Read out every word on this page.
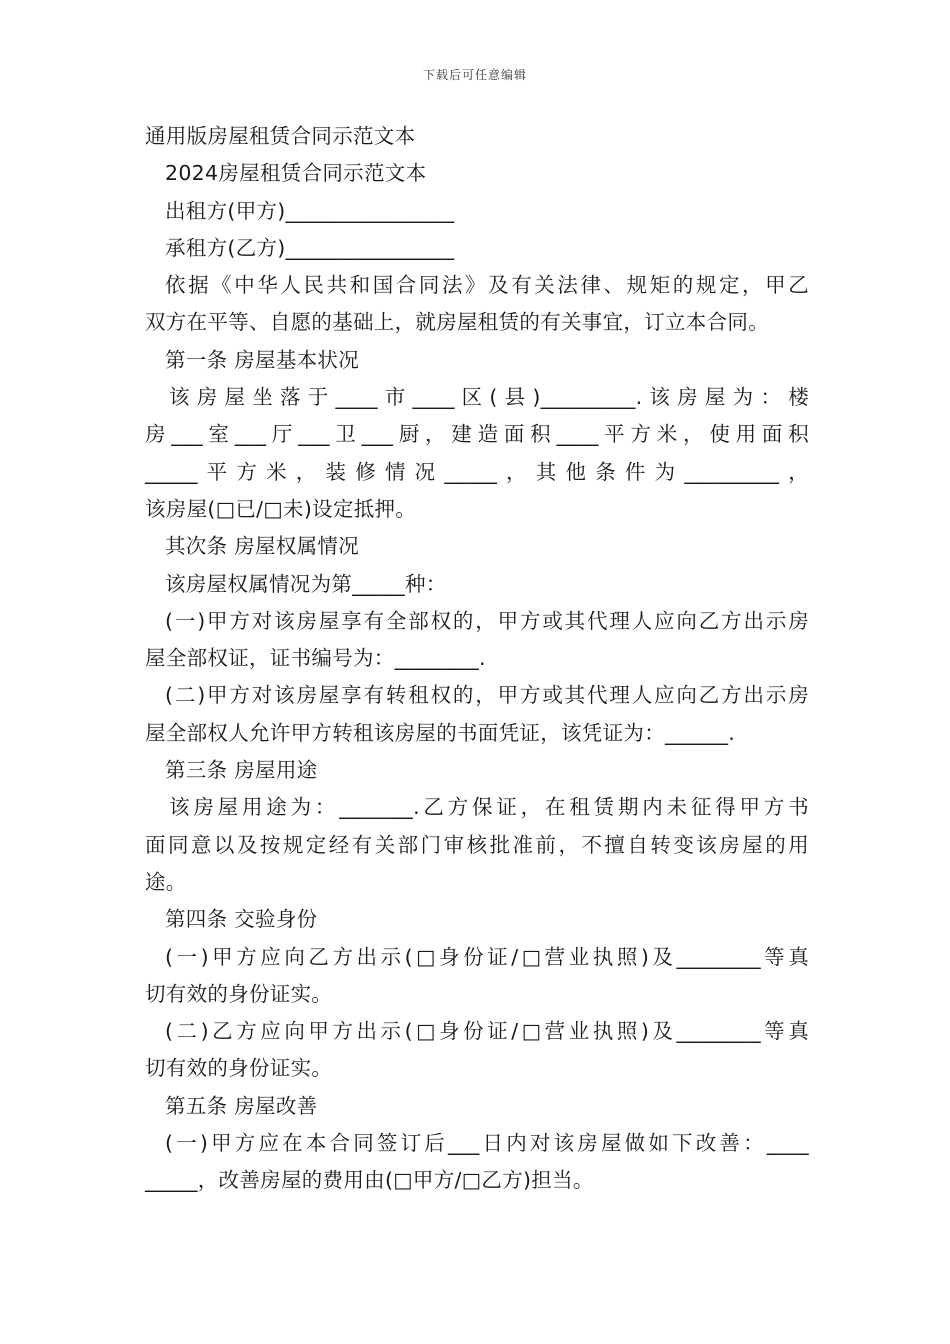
下载后可任意编辑
通用版房屋租赁合同示范文本
2024房屋租赁合同示范文本
出租方(甲方)________________
承租方(乙方)________________
依据《中华人民共和国合同法》及有关法律、规矩的规定，甲乙
双方在平等、自愿的基础上，就房屋租赁的有关事宜，订立本合同。
第一条 房屋基本状况
该房屋坐落于____市____区(县)_________.该房屋为：楼
房___室___厅___卫___厨，建造面积____平方米，使用面积
_____平方米，装修情况_____，其他条件为_________，
该房屋(□已/□未)设定抵押。
其次条 房屋权属情况
该房屋权属情况为第_____种：
(一)甲方对该房屋享有全部权的，甲方或其代理人应向乙方出示房
屋全部权证，证书编号为：________.
(二)甲方对该房屋享有转租权的，甲方或其代理人应向乙方出示房
屋全部权人允许甲方转租该房屋的书面凭证，该凭证为：______.
第三条 房屋用途
该房屋用途为：_______.乙方保证，在租赁期内未征得甲方书
面同意以及按规定经有关部门审核批准前，不擅自转变该房屋的用
途。
第四条 交验身份
(一)甲方应向乙方出示(□身份证/□营业执照)及________等真
切有效的身份证实。
(二)乙方应向甲方出示(□身份证/□营业执照)及________等真
切有效的身份证实。
第五条 房屋改善
(一)甲方应在本合同签订后___日内对该房屋做如下改善：____
_____，改善房屋的费用由(□甲方/□乙方)担当。
